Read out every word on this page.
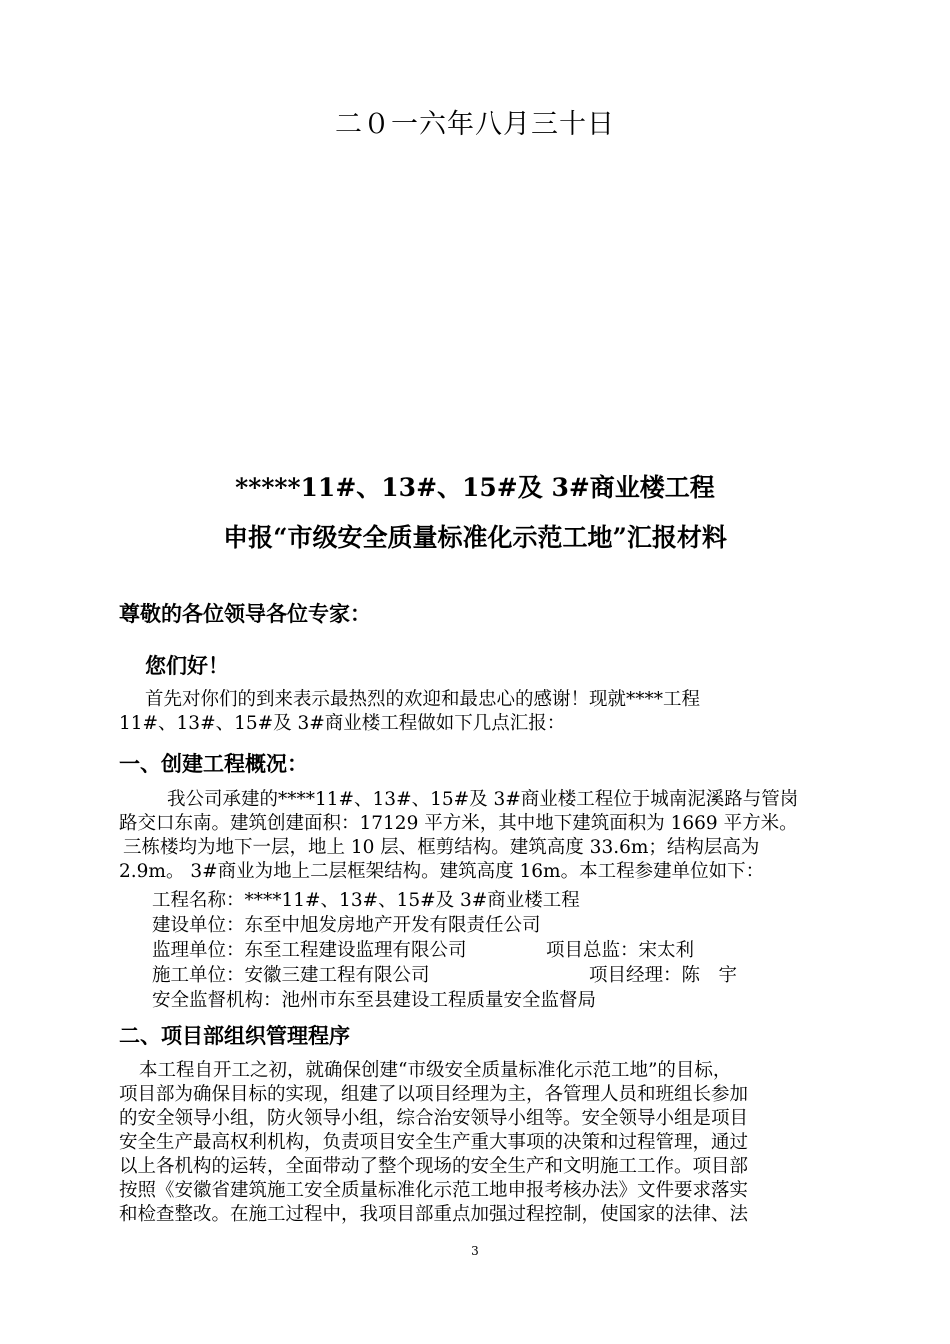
二０一六年八月三十日
*****11#、13#、15#及 3#商业楼工程
申报“市级安全质量标准化示范工地”汇报材料
尊敬的各位领导各位专家：
您们好！
首先对你们的到来表示最热烈的欢迎和最忠心的感谢！现就****工程
11#、13#、15#及 3#商业楼工程做如下几点汇报：
一、创建工程概况：
我公司承建的****11#、13#、15#及 3#商业楼工程位于城南泥溪路与管岗
路交口东南。建筑创建面积：17129 平方米，其中地下建筑面积为 1669 平方米。
三栋楼均为地下一层，地上 10 层、框剪结构。建筑高度 33.6m；结构层高为
2.9m。 3#商业为地上二层框架结构。建筑高度 16m。本工程参建单位如下：
工程名称：****11#、13#、15#及 3#商业楼工程
建设单位：东至中旭发房地产开发有限责任公司
监理单位：东至工程建设监理有限公司	项目总监：宋太利
施工单位：安徽三建工程有限公司	项目经理：陈　宇
安全监督机构：池州市东至县建设工程质量安全监督局
二、项目部组织管理程序
本工程自开工之初，就确保创建“市级安全质量标准化示范工地”的目标，
项目部为确保目标的实现，组建了以项目经理为主，各管理人员和班组长参加
的安全领导小组，防火领导小组，综合治安领导小组等。安全领导小组是项目
安全生产最高权利机构，负责项目安全生产重大事项的决策和过程管理，通过
以上各机构的运转，全面带动了整个现场的安全生产和文明施工工作。项目部
按照《安徽省建筑施工安全质量标准化示范工地申报考核办法》文件要求落实
和检查整改。在施工过程中，我项目部重点加强过程控制，使国家的法律、法
3
